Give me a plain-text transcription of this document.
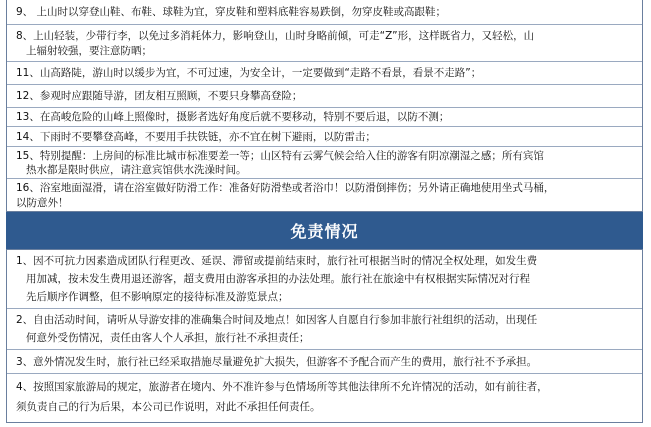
9、 上山时以穿登山鞋、布鞋、球鞋为宜，穿皮鞋和塑料底鞋容易跌倒，勿穿皮鞋或高跟鞋；
8、上山轻装，少带行李，以免过多消耗体力，影响登山，山时身略前倾，可走“Z”形，这样既省力，又轻松，山
上辐射较强，要注意防晒；
11、山高路陡，游山时以缓步为宜，不可过速，为安全计，一定要做到“走路不看景，看景不走路”；
12、参观时应跟随导游，团友相互照顾，不要只身攀高登险；
13、在高峻危险的山峰上照像时，摄影者选好角度后就不要移动，特别不要后退，以防不测；
14、下雨时不要攀登高峰，不要用手扶铁链，亦不宜在树下避雨，以防雷击；
15、特别提醒：上房间的标准比城市标准要差一等；山区特有云雾气候会给入住的游客有阴凉潮湿之感；所有宾馆
热水都是限时供应，请注意宾馆供水洗澡时间。
16、浴室地面湿滑，请在浴室做好防滑工作：准备好防滑垫或者浴巾！以防滑倒摔伤；另外请正确地使用坐式马桶，
以防意外！
免责情况
1、因不可抗力因素造成团队行程更改、延误、滞留或提前结束时，旅行社可根据当时的情况全权处理，如发生费
用加减，按未发生费用退还游客，超支费用由游客承担的办法处理。旅行社在旅途中有权根据实际情况对行程
先后顺序作调整，但不影响原定的接待标准及游览景点；
2、自由活动时间，请听从导游安排的准确集合时间及地点！如因客人自愿自行参加非旅行社组织的活动，出现任
何意外受伤情况，责任由客人个人承担，旅行社不承担责任；
3、意外情况发生时，旅行社已经采取措施尽量避免扩大损失，但游客不予配合而产生的费用，旅行社不予承担。
4、按照国家旅游局的规定，旅游者在境内、外不准许参与色情场所等其他法律所不允许情况的活动，如有前往者，
须负责自己的行为后果，本公司已作说明，对此不承担任何责任。
